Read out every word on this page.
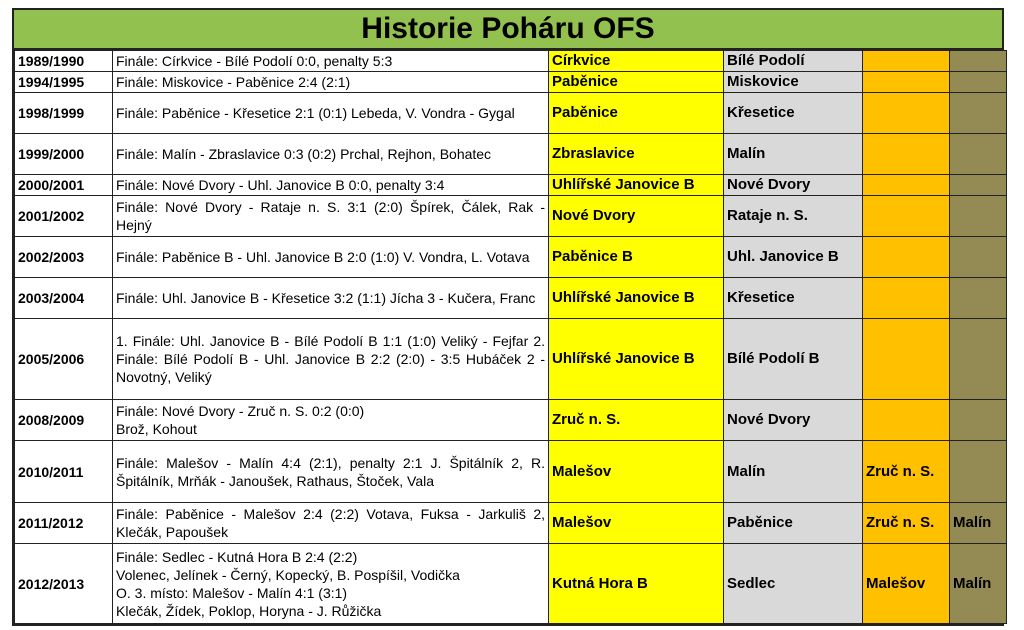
Historie Poháru OFS
1989/1990	Finále: Církvice - Bílé Podolí 0:0, penalty 5:3	Církvice	Bílé Podolí		
1994/1995	Finále: Miskovice - Paběnice 2:4 (2:1)	Paběnice	Miskovice		
1998/1999	Finále: Paběnice - Křesetice 2:1 (0:1) Lebeda, V. Vondra - Gygal	Paběnice	Křesetice		
1999/2000	Finále: Malín - Zbraslavice 0:3 (0:2) Prchal, Rejhon, Bohatec	Zbraslavice	Malín		
2000/2001	Finále: Nové Dvory - Uhl. Janovice B 0:0, penalty 3:4	Uhlířské Janovice B	Nové Dvory		
2001/2002	Finále: Nové Dvory - Rataje n. S. 3:1 (2:0) Špírek, Čálek, Rak - Hejný	Nové Dvory	Rataje n. S.		
2002/2003	Finále: Paběnice B - Uhl. Janovice B 2:0 (1:0) V. Vondra, L. Votava	Paběnice B	Uhl. Janovice B		
2003/2004	Finále: Uhl. Janovice B - Křesetice 3:2 (1:1) Jícha 3 - Kučera, Franc	Uhlířské Janovice B	Křesetice		
2005/2006	1. Finále: Uhl. Janovice B - Bílé Podolí B 1:1 (1:0) Veliký - Fejfar 2. Finále: Bílé Podolí B - Uhl. Janovice B 2:2 (2:0) - 3:5 Hubáček 2 - Novotný, Veliký	Uhlířské Janovice B	Bílé Podolí B		
2008/2009	Finále: Nové Dvory - Zruč n. S. 0:2 (0:0)
Brož, Kohout	Zruč n. S.	Nové Dvory		
2010/2011	Finále: Malešov - Malín 4:4 (2:1), penalty 2:1 J. Špitálník 2, R. Špitálník, Mrňák - Janoušek, Rathaus, Štoček, Vala	Malešov	Malín	Zruč n. S.	
2011/2012	Finále: Paběnice - Malešov 2:4 (2:2) Votava, Fuksa - Jarkuliš 2, Klečák, Papoušek	Malešov	Paběnice	Zruč n. S.	Malín
2012/2013	Finále: Sedlec - Kutná Hora B 2:4 (2:2)
Volenec, Jelínek - Černý, Kopecký, B. Pospíšil, Vodička
O. 3. místo: Malešov - Malín 4:1 (3:1)
Klečák, Žídek, Poklop, Horyna - J. Růžička	Kutná Hora B	Sedlec	Malešov	Malín
